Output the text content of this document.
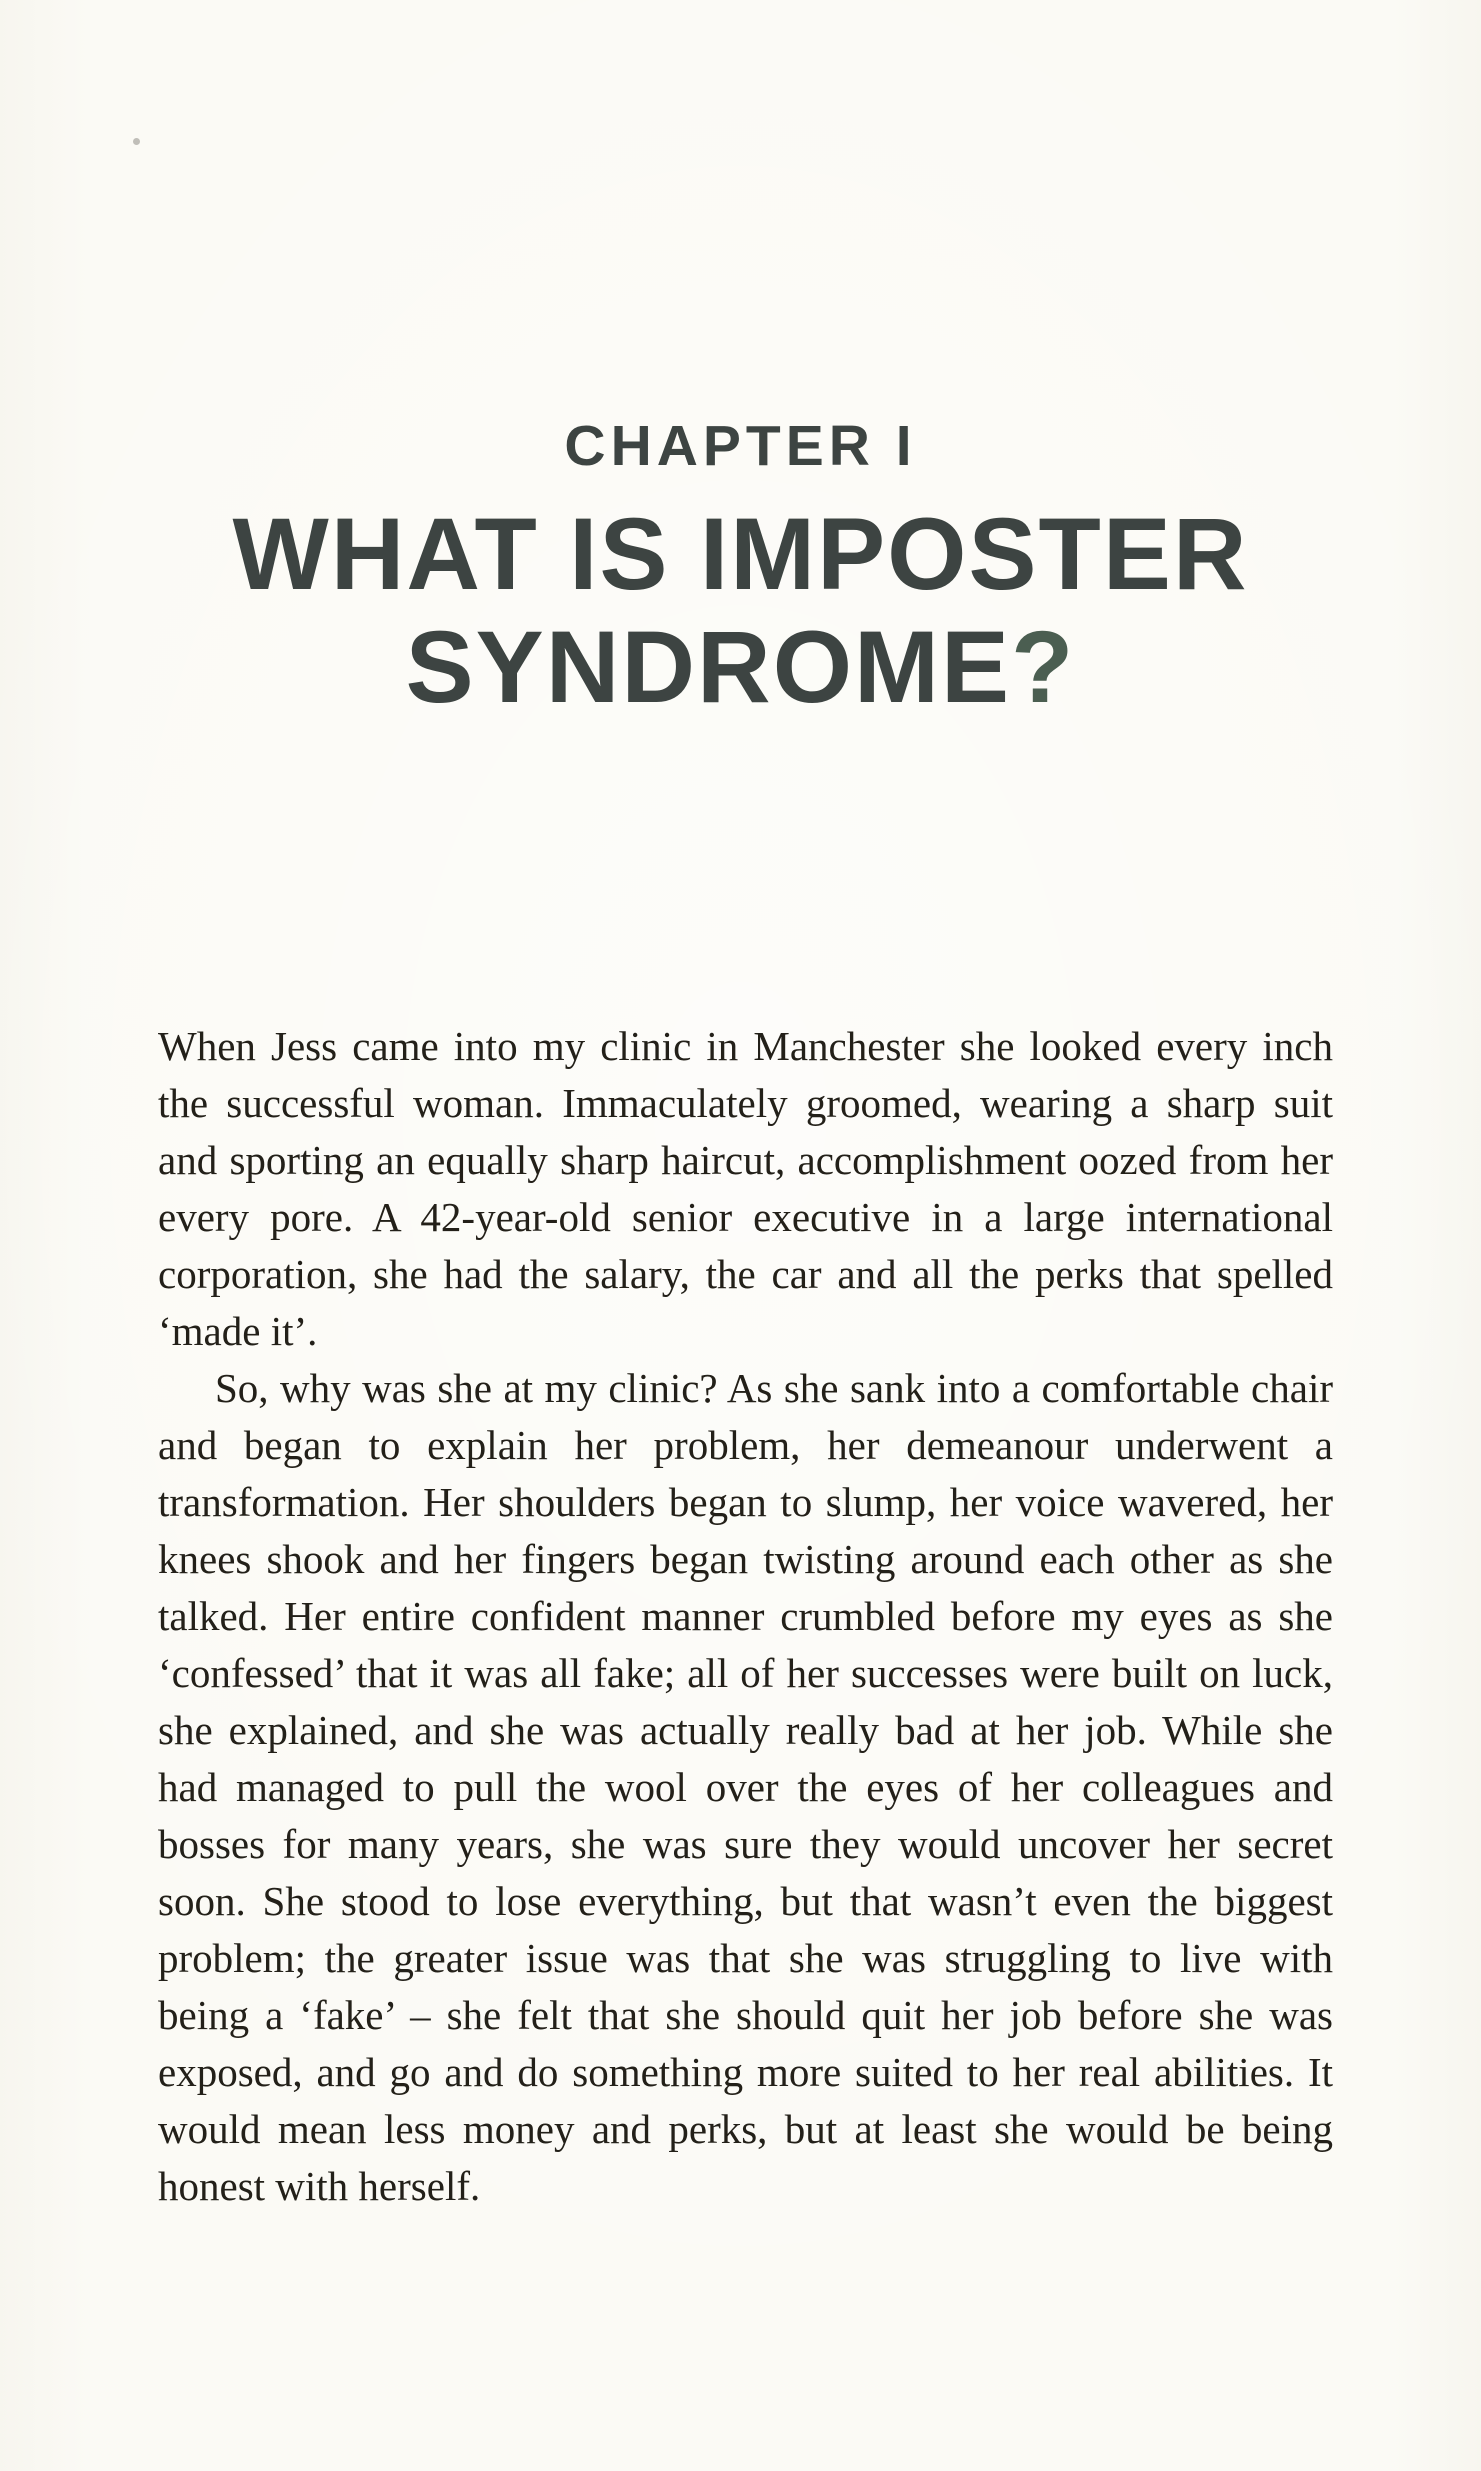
CHAPTER I
WHAT IS IMPOSTER
SYNDROME?

When Jess came into my clinic in Manchester she looked every inch the successful woman. Immaculately groomed, wearing a sharp suit and sporting an equally sharp haircut, accomplishment oozed from her every pore. A 42-year-old senior executive in a large international corporation, she had the salary, the car and all the perks that spelled ‘made it’.

So, why was she at my clinic? As she sank into a comfortable chair and began to explain her problem, her demeanour underwent a transformation. Her shoulders began to slump, her voice wavered, her knees shook and her fingers began twisting around each other as she talked. Her entire confident manner crumbled before my eyes as she ‘confessed’ that it was all fake; all of her successes were built on luck, she explained, and she was actually really bad at her job. While she had managed to pull the wool over the eyes of her colleagues and bosses for many years, she was sure they would uncover her secret soon. She stood to lose everything, but that wasn’t even the biggest problem; the greater issue was that she was struggling to live with being a ‘fake’ – she felt that she should quit her job before she was exposed, and go and do something more suited to her real abilities. It would mean less money and perks, but at least she would be being honest with herself.
